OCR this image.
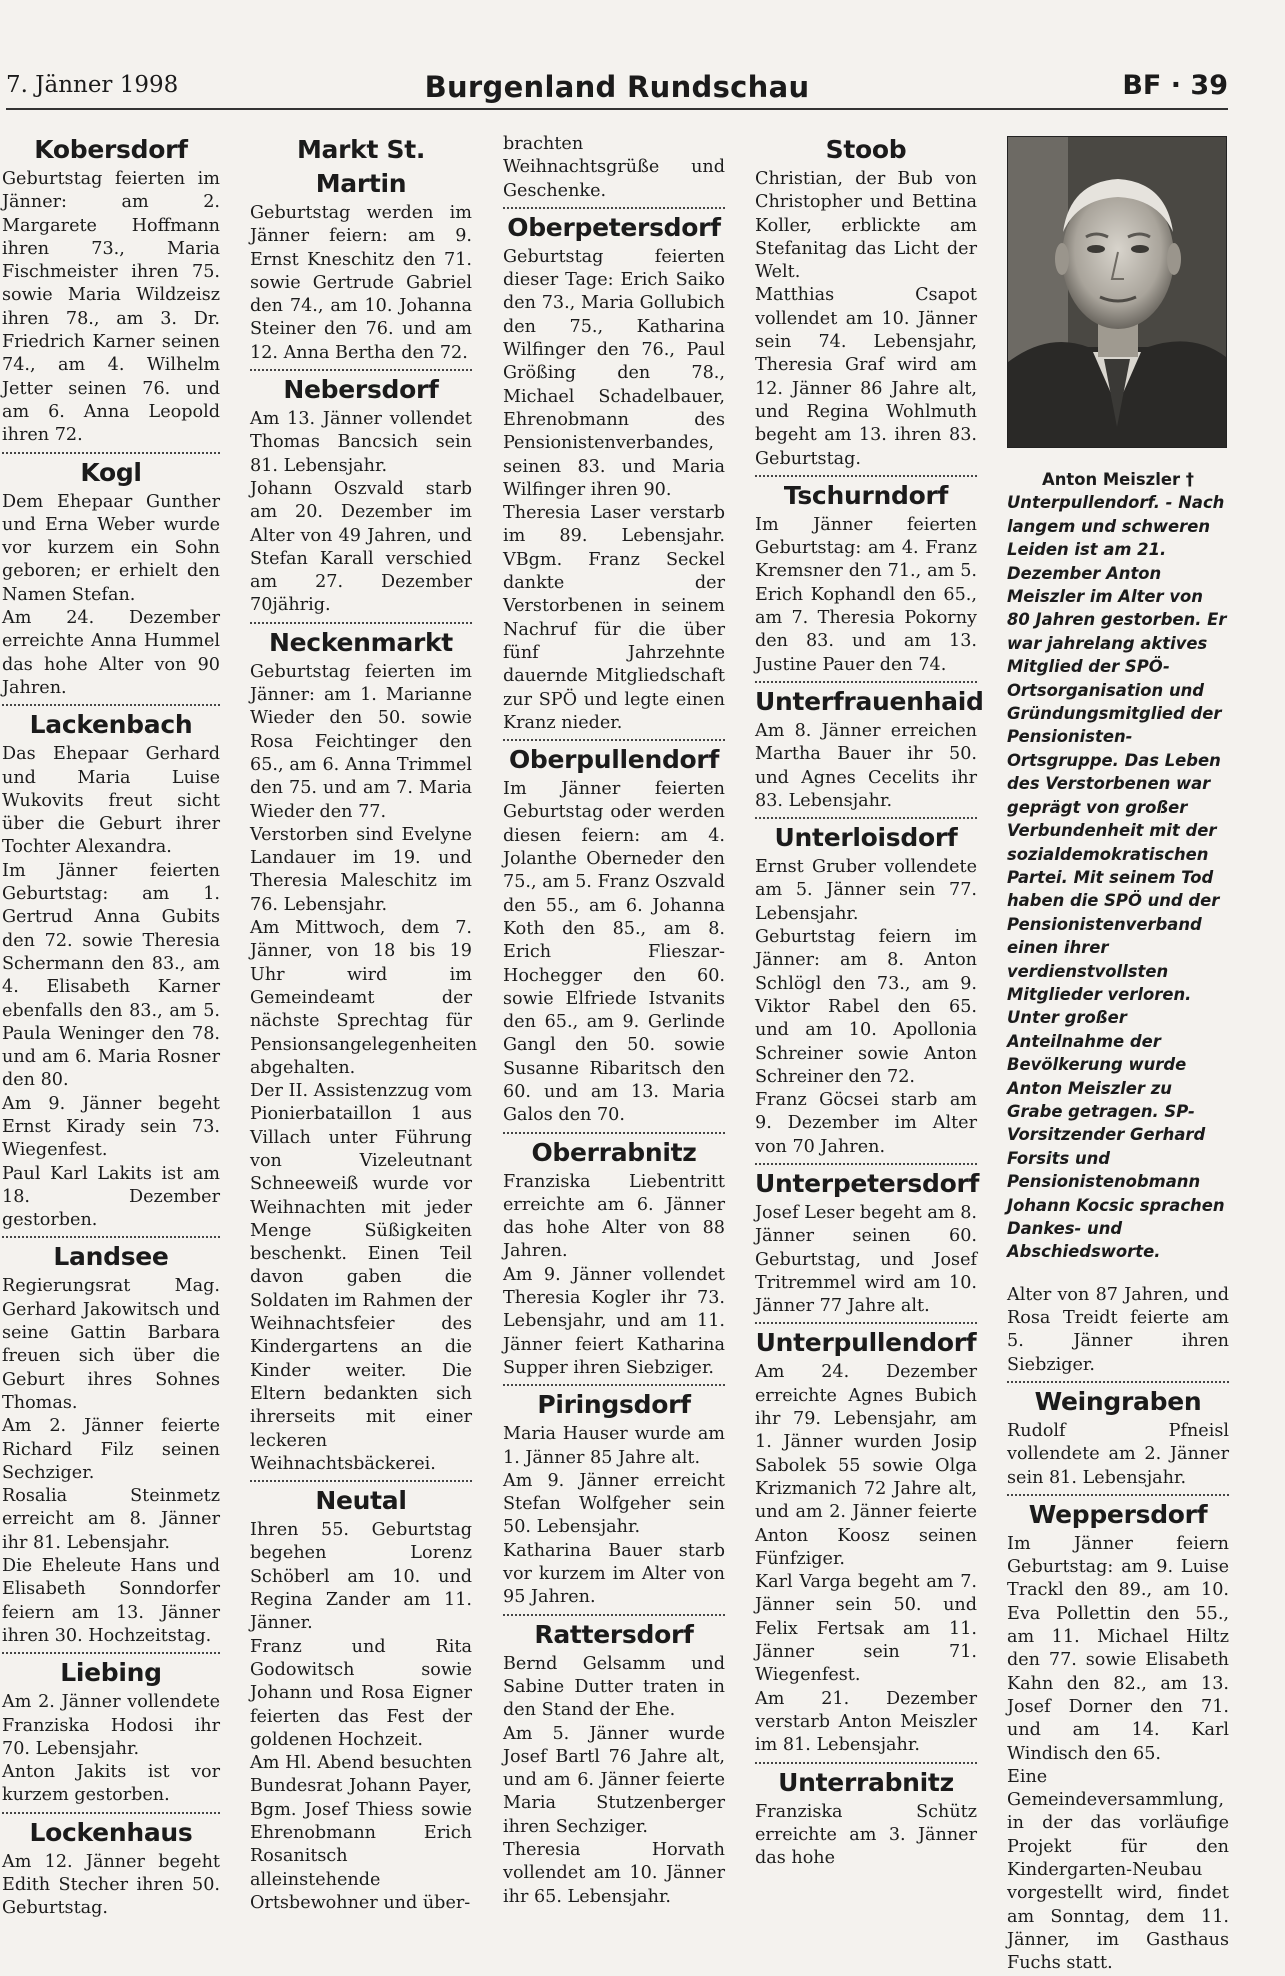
7. Jänner 1998	Burgenland Rundschau	BF · 39
Kobersdorf

Geburtstag feierten im Jänner: am 2. Margarete Hoffmann ihren 73., Maria Fischmeister ihren 75. sowie Maria Wildzeisz ihren 78., am 3. Dr. Friedrich Karner seinen 74., am 4. Wilhelm Jetter seinen 76. und am 6. Anna Leopold ihren 72.

Kogl

Dem Ehepaar Gunther und Erna Weber wurde vor kurzem ein Sohn geboren; er erhielt den Namen Stefan.

Am 24. Dezember erreichte Anna Hummel das hohe Alter von 90 Jahren.

Lackenbach

Das Ehepaar Gerhard und Maria Luise Wukovits freut sicht über die Geburt ihrer Tochter Alexandra.

Im Jänner feierten Geburtstag: am 1. Gertrud Anna Gubits den 72. sowie Theresia Schermann den 83., am 4. Elisabeth Karner ebenfalls den 83., am 5. Paula Weninger den 78. und am 6. Maria Rosner den 80.

Am 9. Jänner begeht Ernst Kirady sein 73. Wiegenfest.

Paul Karl Lakits ist am 18. Dezember gestorben.

Landsee

Regierungsrat Mag. Gerhard Jakowitsch und seine Gattin Barbara freuen sich über die Geburt ihres Sohnes Thomas.

Am 2. Jänner feierte Richard Filz seinen Sechziger.

Rosalia Steinmetz erreicht am 8. Jänner ihr 81. Lebensjahr.

Die Eheleute Hans und Elisabeth Sonndorfer feiern am 13. Jänner ihren 30. Hochzeitstag.

Liebing

Am 2. Jänner vollendete Franziska Hodosi ihr 70. Lebensjahr.

Anton Jakits ist vor kurzem gestorben.

Lockenhaus

Am 12. Jänner begeht Edith Stecher ihren 50. Geburtstag.

Markt St. Martin

Geburtstag werden im Jänner feiern: am 9. Ernst Kneschitz den 71. sowie Gertrude Gabriel den 74., am 10. Johanna Steiner den 76. und am 12. Anna Bertha den 72.

Nebersdorf

Am 13. Jänner vollendet Thomas Bancsich sein 81. Lebensjahr.

Johann Oszvald starb am 20. Dezember im Alter von 49 Jahren, und Stefan Karall verschied am 27. Dezember 70jährig.

Neckenmarkt

Geburtstag feierten im Jänner: am 1. Marianne Wieder den 50. sowie Rosa Feichtinger den 65., am 6. Anna Trimmel den 75. und am 7. Maria Wieder den 77.

Verstorben sind Evelyne Landauer im 19. und Theresia Maleschitz im 76. Lebensjahr.

Am Mittwoch, dem 7. Jänner, von 18 bis 19 Uhr wird im Gemeindeamt der nächste Sprechtag für Pensionsangelegenheiten abgehalten.

Der II. Assistenzzug vom Pionierbataillon 1 aus Villach unter Führung von Vizeleutnant Schneeweiß wurde vor Weihnachten mit jeder Menge Süßigkeiten beschenkt. Einen Teil davon gaben die Soldaten im Rahmen der Weihnachtsfeier des Kindergartens an die Kinder weiter. Die Eltern bedankten sich ihrerseits mit einer leckeren Weihnachtsbäckerei.

Neutal

Ihren 55. Geburtstag begehen Lorenz Schöberl am 10. und Regina Zander am 11. Jänner.

Franz und Rita Godowitsch sowie Johann und Rosa Eigner feierten das Fest der goldenen Hochzeit.

Am Hl. Abend besuchten Bundesrat Johann Payer, Bgm. Josef Thiess sowie Ehrenobmann Erich Rosanitsch alleinstehende Ortsbewohner und über-

brachten Weihnachtsgrüße und Geschenke.

Oberpetersdorf

Geburtstag feierten dieser Tage: Erich Saiko den 73., Maria Gollubich den 75., Katharina Wilfinger den 76., Paul Größing den 78., Michael Schadelbauer, Ehrenobmann des Pensionistenverbandes, seinen 83. und Maria Wilfinger ihren 90.

Theresia Laser verstarb im 89. Lebensjahr. VBgm. Franz Seckel dankte der Verstorbenen in seinem Nachruf für die über fünf Jahrzehnte dauernde Mitgliedschaft zur SPÖ und legte einen Kranz nieder.

Oberpullendorf

Im Jänner feierten Geburtstag oder werden diesen feiern: am 4. Jolanthe Oberneder den 75., am 5. Franz Oszvald den 55., am 6. Johanna Koth den 85., am 8. Erich Flieszar-Hochegger den 60. sowie Elfriede Istvanits den 65., am 9. Gerlinde Gangl den 50. sowie Susanne Ribaritsch den 60. und am 13. Maria Galos den 70.

Oberrabnitz

Franziska Liebentritt erreichte am 6. Jänner das hohe Alter von 88 Jahren.

Am 9. Jänner vollendet Theresia Kogler ihr 73. Lebensjahr, und am 11. Jänner feiert Katharina Supper ihren Siebziger.

Piringsdorf

Maria Hauser wurde am 1. Jänner 85 Jahre alt.

Am 9. Jänner erreicht Stefan Wolfgeher sein 50. Lebensjahr.

Katharina Bauer starb vor kurzem im Alter von 95 Jahren.

Rattersdorf

Bernd Gelsamm und Sabine Dutter traten in den Stand der Ehe.

Am 5. Jänner wurde Josef Bartl 76 Jahre alt, und am 6. Jänner feierte Maria Stutzenberger ihren Sechziger.

Theresia Horvath vollendet am 10. Jänner ihr 65. Lebensjahr.

Stoob

Christian, der Bub von Christopher und Bettina Koller, erblickte am Stefanitag das Licht der Welt.

Matthias Csapot vollendet am 10. Jänner sein 74. Lebensjahr, Theresia Graf wird am 12. Jänner 86 Jahre alt, und Regina Wohlmuth begeht am 13. ihren 83. Geburtstag.

Tschurndorf

Im Jänner feierten Geburtstag: am 4. Franz Kremsner den 71., am 5. Erich Kophandl den 65., am 7. Theresia Pokorny den 83. und am 13. Justine Pauer den 74.

Unterfrauenhaid

Am 8. Jänner erreichen Martha Bauer ihr 50. und Agnes Cecelits ihr 83. Lebensjahr.

Unterloisdorf

Ernst Gruber vollendete am 5. Jänner sein 77. Lebensjahr.

Geburtstag feiern im Jänner: am 8. Anton Schlögl den 73., am 9. Viktor Rabel den 65. und am 10. Apollonia Schreiner sowie Anton Schreiner den 72.

Franz Göcsei starb am 9. Dezember im Alter von 70 Jahren.

Unterpetersdorf

Josef Leser begeht am 8. Jänner seinen 60. Geburtstag, und Josef Tritremmel wird am 10. Jänner 77 Jahre alt.

Unterpullendorf

Am 24. Dezember erreichte Agnes Bubich ihr 79. Lebensjahr, am 1. Jänner wurden Josip Sabolek 55 sowie Olga Krizmanich 72 Jahre alt, und am 2. Jänner feierte Anton Koosz seinen Fünfziger.

Karl Varga begeht am 7. Jänner sein 50. und Felix Fertsak am 11. Jänner sein 71. Wiegenfest.

Am 21. Dezember verstarb Anton Meiszler im 81. Lebensjahr.

Unterrabnitz

Franziska Schütz erreichte am 3. Jänner das hohe

Anton Meiszler †
Unterpullendorf. - Nach langem und schweren Leiden ist am 21. Dezember Anton Meiszler im Alter von 80 Jahren gestorben. Er war jahrelang aktives Mitglied der SPÖ-Ortsorganisation und Gründungsmitglied der Pensionisten-Ortsgruppe. Das Leben des Verstorbenen war geprägt von großer Verbundenheit mit der sozialdemokratischen Partei. Mit seinem Tod haben die SPÖ und der Pensionistenverband einen ihrer verdienstvollsten Mitglieder verloren. Unter großer Anteilnahme der Bevölkerung wurde Anton Meiszler zu Grabe getragen. SP-Vorsitzender Gerhard Forsits und Pensionistenobmann Johann Kocsic sprachen Dankes- und Abschiedsworte.

Alter von 87 Jahren, und Rosa Treidt feierte am 5. Jänner ihren Siebziger.

Weingraben

Rudolf Pfneisl vollendete am 2. Jänner sein 81. Lebensjahr.

Weppersdorf

Im Jänner feiern Geburtstag: am 9. Luise Trackl den 89., am 10. Eva Pollettin den 55., am 11. Michael Hiltz den 77. sowie Elisabeth Kahn den 82., am 13. Josef Dorner den 71. und am 14. Karl Windisch den 65.

Eine Gemeindeversammlung, in der das vorläufige Projekt für den Kindergarten-Neubau vorgestellt wird, findet am Sonntag, dem 11. Jänner, im Gasthaus Fuchs statt.
